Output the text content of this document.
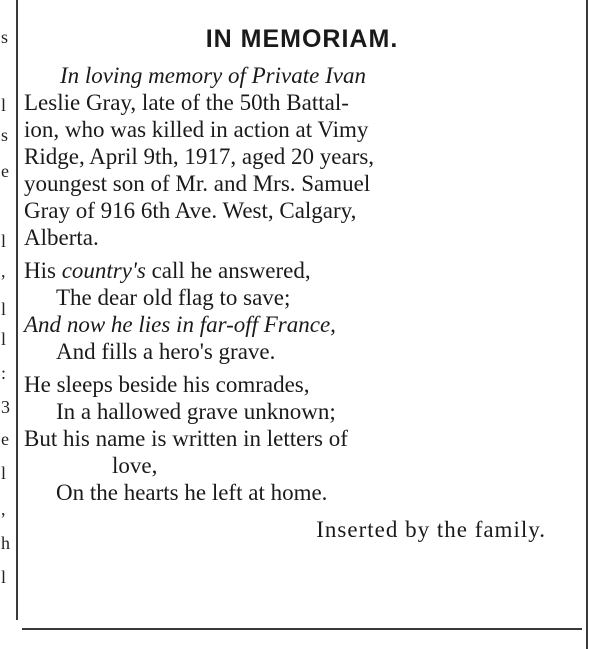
s
l
s
e
l
,
l
l
:
3
e
l
,
h
l
IN MEMORIAM.
In loving memory of Private Ivan
Leslie Gray, late of the 50th Battal-
ion, who was killed in action at Vimy
Ridge, April 9th, 1917, aged 20 years,
youngest son of Mr. and Mrs. Samuel
Gray of 916 6th Ave. West, Calgary,
Alberta.
His country's call he answered,
The dear old flag to save;
And now he lies in far-off France,
And fills a hero's grave.
He sleeps beside his comrades,
In a hallowed grave unknown;
But his name is written in letters of
love,
On the hearts he left at home.
Inserted by the family.
